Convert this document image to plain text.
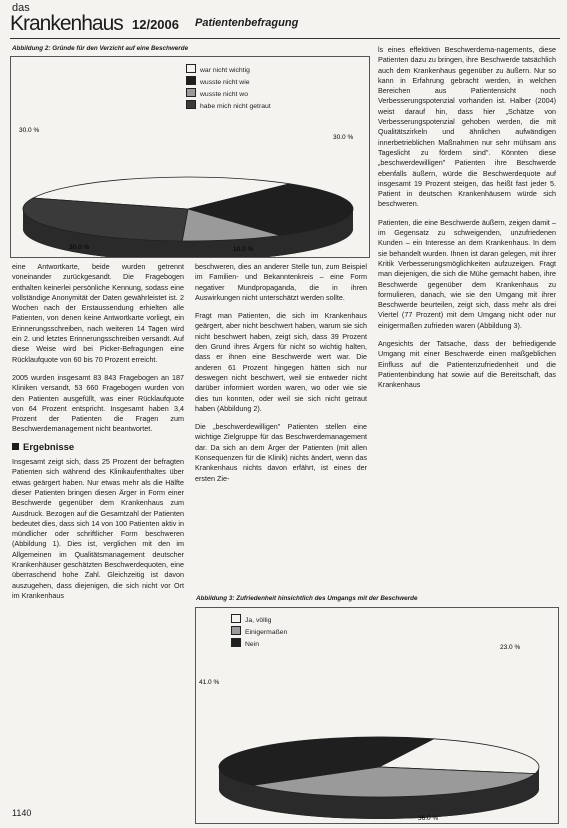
das
Krankenhaus 12/2006 Patientenbefragung
Abbildung 2: Gründe für den Verzicht auf eine Beschwerde
war nicht wichtig
wusste nicht wie
wusste nicht wo
habe mich nicht getraut
30.0 %
30.0 %
10.0 %
30.0 %

ls eines effektiven Beschwerdema-nagements, diese Patienten dazu zu bringen, ihre Beschwerde tatsächlich auch dem Krankenhaus gegenüber zu äußern. Nur so kann in Erfahrung gebracht werden, in welchen Bereichen aus Patientensicht noch Verbesserungspotenzial vorhanden ist. Halber (2004) weist darauf hin, dass hier „Schätze von Verbesserungspotenzial gehoben werden, die mit Qualitätszirkeln und ähnlichen aufwändigen innerbetrieblichen Maßnahmen nur sehr mühsam ans Tageslicht zu fördern sind". Könnten diese „beschwerdewilligen" Patienten ihre Beschwerde ebenfalls äußern, würde die Beschwerdequote auf insgesamt 19 Prozent steigen, das heißt fast jeder 5. Patient in deutschen Krankenhäusern würde sich beschweren.

Patienten, die eine Beschwerde äußern, zeigen damit – im Gegensatz zu schweigenden, unzufriedenen Kunden – ein Interesse an dem Krankenhaus. In dem sie behandelt wurden. Ihnen ist daran gelegen, mit ihrer Kritik Verbesserungsmöglichkeiten aufzuzeigen. Fragt man diejenigen, die sich die Mühe gemacht haben, ihre Beschwerde gegenüber dem Krankenhaus zu formulieren, danach, wie sie den Umgang mit ihrer Beschwerde beurteilen, zeigt sich, dass mehr als drei Viertel (77 Prozent) mit dem Umgang nicht oder nur einigermaßen zufrieden waren (Abbildung 3).

Angesichts der Tatsache, dass der befriedigende Umgang mit einer Beschwerde einen maßgeblichen Einfluss auf die Patientenzufriedenheit und die Patientenbindung hat sowie auf die Bereitschaft, das Krankenhaus

eine Antwortkarte, beide wurden getrennt voneinander zurückgesandt. Die Fragebogen enthalten keinerlei persönliche Kennung, sodass eine vollständige Anonymität der Daten gewährleistet ist. 2 Wochen nach der Erstaussendung erhielten alle Patienten, von denen keine Antwortkarte vorliegt, ein Erinnerungsschreiben, nach weiteren 14 Tagen wird ein 2. und letztes Erinnerungsschreiben versandt. Auf diese Weise wird bei Picker-Befragungen eine Rücklaufquote von 60 bis 70 Prozent erreicht.

2005 wurden insgesamt 83 843 Fragebogen an 187 Kliniken versandt, 53 660 Fragebogen wurden von den Patienten ausgefüllt, was einer Rücklaufquote von 64 Prozent entspricht. Insgesamt haben 3,4 Prozent der Patienten die Fragen zum Beschwerdemanagement nicht beantwortet.

Ergebnisse

Insgesamt zeigt sich, dass 25 Prozent der befragten Patienten sich während des Klinikaufenthaltes über etwas geärgert haben. Nur etwas mehr als die Hälfte dieser Patienten bringen diesen Ärger in Form einer Beschwerde gegenüber dem Krankenhaus zum Ausdruck. Bezogen auf die Gesamtzahl der Patienten bedeutet dies, dass sich 14 von 100 Patienten aktiv in mündlicher oder schriftlicher Form beschweren (Abbildung 1). Dies ist, verglichen mit den im Allgemeinen im Qualitätsmanagement deutscher Krankenhäuser geschätzten Beschwerdequoten, eine überraschend hohe Zahl. Gleichzeitig ist davon auszugehen, dass diejenigen, die sich nicht vor Ort im Krankenhaus

beschweren, dies an anderer Stelle tun, zum Beispiel im Familien- und Bekanntenkreis – eine Form negativer Mundpropaganda, die in ihren Auswirkungen nicht unterschätzt werden sollte.

Fragt man Patienten, die sich im Krankenhaus geärgert, aber nicht beschwert haben, warum sie sich nicht beschwert haben, zeigt sich, dass 39 Prozent den Grund ihres Ärgers für nicht so wichtig halten, dass er ihnen eine Beschwerde wert war. Die anderen 61 Prozent hingegen hätten sich nur deswegen nicht beschwert, weil sie entweder nicht darüber informiert worden waren, wo oder wie sie dies tun konnten, oder weil sie sich nicht getraut haben (Abbildung 2).

Die „beschwerdewilligen" Patienten stellen eine wichtige Zielgruppe für das Beschwerdemanagement dar. Da sich an dem Ärger der Patienten (mit allen Konsequenzen für die Klinik) nichts ändert, wenn das Krankenhaus nichts davon erfährt, ist eines der ersten Zie-

Abbildung 3: Zufriedenheit hinsichtlich des Umgangs mit der Beschwerde
Ja, völlig
Einigermaßen
Nein	23.0 %
36.0 %
41.0 %
1140
